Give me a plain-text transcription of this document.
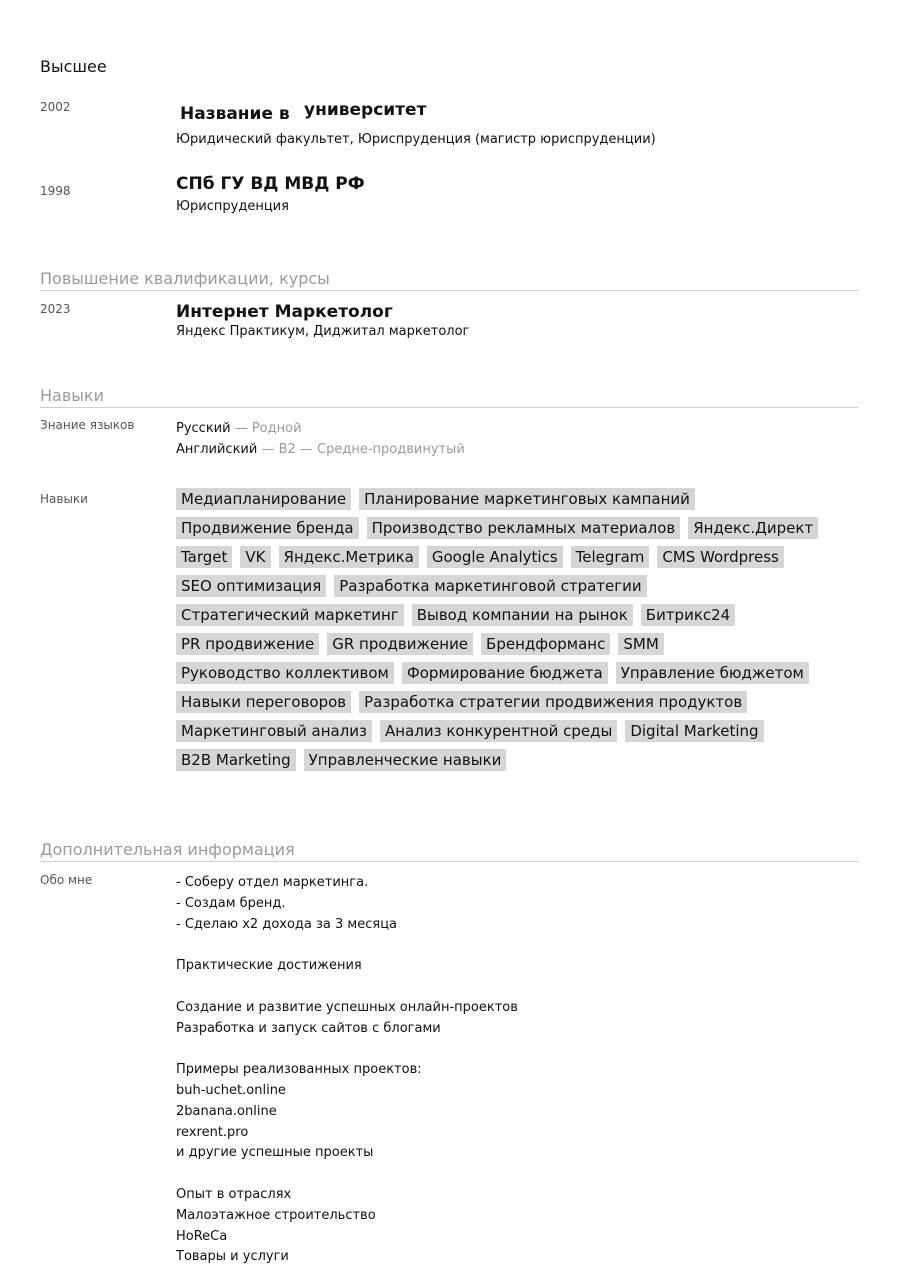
Высшее
2002	университет
Название в
Юридический факультет, Юриспруденция (магистр юриспруденции)
1998	СПб ГУ ВД МВД РФ
Юриспруденция
Повышение квалификации, курсы
2023	Интернет Маркетолог
Яндекс Практикум, Диджитал маркетолог
Навыки
Знание языков	Русский — Родной
Английский — B2 — Средне-продвинутый
Навыки	Медиапланирование	Планирование маркетинговых кампаний
Продвижение бренда	Производство рекламных материалов	Яндекс.Директ
Target	VK	Яндекс.Метрика	Google Analytics	Telegram	CMS Wordpress
SEO оптимизация	Разработка маркетинговой стратегии
Стратегический маркетинг	Вывод компании на рынок	Битрикс24
PR продвижение	GR продвижение	Брендформанс	SMM
Руководство коллективом	Формирование бюджета	Управление бюджетом
Навыки переговоров	Разработка стратегии продвижения продуктов
Маркетинговый анализ	Анализ конкурентной среды	Digital Marketing
B2B Marketing	Управленческие навыки
Дополнительная информация
Обо мне	- Соберу отдел маркетинга.

- Создам бренд.

- Сделаю x2 дохода за 3 месяца

Практические достижения

Создание и развитие успешных онлайн-проектов

Разработка и запуск сайтов с блогами

Примеры реализованных проектов:

buh-uchet.online

2banana.online

rexrent.pro

и другие успешные проекты

Опыт в отраслях

Малоэтажное строительство

HoReCa

Товары и услуги
